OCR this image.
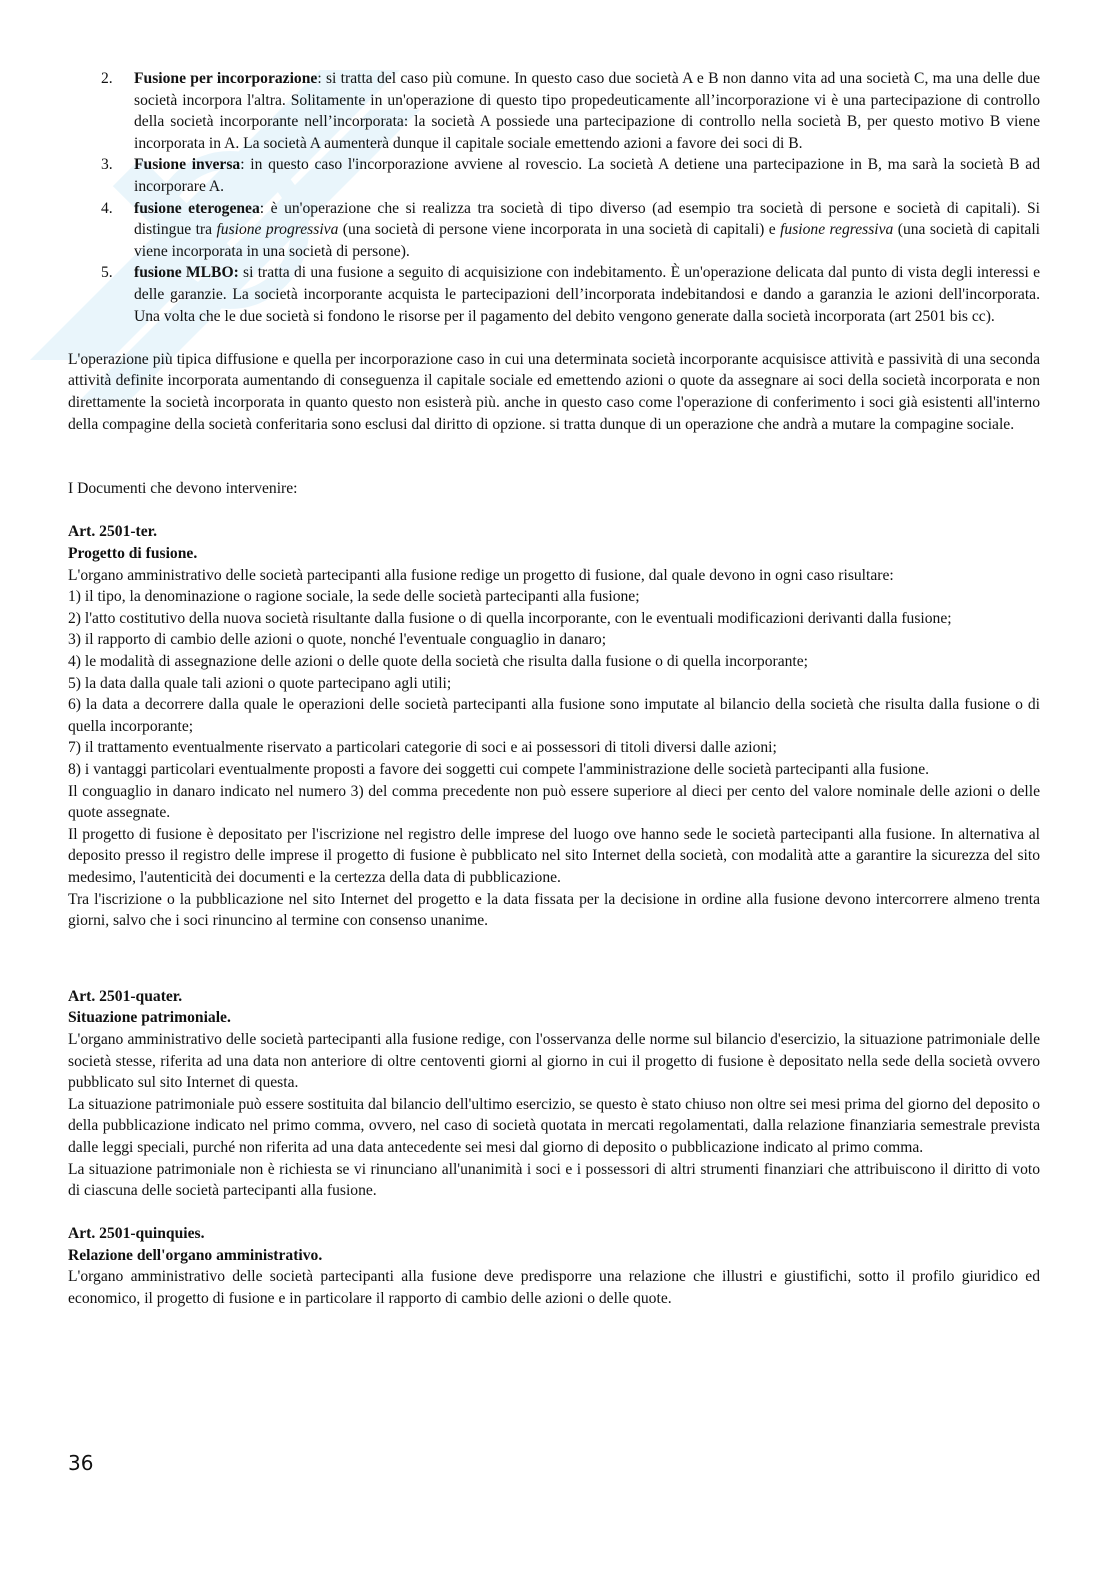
2. Fusione per incorporazione: si tratta del caso più comune. In questo caso due società A e B non danno vita ad una società C, ma una delle due società incorpora l'altra. Solitamente in un'operazione di questo tipo propedeuticamente all’incorporazione vi è una partecipazione di controllo della società incorporante nell’incorporata: la società A possiede una partecipazione di controllo nella società B, per questo motivo B viene incorporata in A. La società A aumenterà dunque il capitale sociale emettendo azioni a favore dei soci di B.
3. Fusione inversa: in questo caso l'incorporazione avviene al rovescio. La società A detiene una partecipazione in B, ma sarà la società B ad incorporare A.
4. fusione eterogenea: è un'operazione che si realizza tra società di tipo diverso (ad esempio tra società di persone e società di capitali). Si distingue tra fusione progressiva (una società di persone viene incorporata in una società di capitali) e fusione regressiva (una società di capitali viene incorporata in una società di persone).
5. fusione MLBO: si tratta di una fusione a seguito di acquisizione con indebitamento. È un'operazione delicata dal punto di vista degli interessi e delle garanzie. La società incorporante acquista le partecipazioni dell’incorporata indebitandosi e dando a garanzia le azioni dell'incorporata. Una volta che le due società si fondono le risorse per il pagamento del debito vengono generate dalla società incorporata (art 2501 bis cc).

L'operazione più tipica diffusione e quella per incorporazione caso in cui una determinata società incorporante acquisisce attività e passività di una seconda attività definite incorporata aumentando di conseguenza il capitale sociale ed emettendo azioni o quote da assegnare ai soci della società incorporata e non direttamente la società incorporata in quanto questo non esisterà più. anche in questo caso come l'operazione di conferimento i soci già esistenti all'interno della compagine della società conferitaria sono esclusi dal diritto di opzione. si tratta dunque di un operazione che andrà a mutare la compagine sociale.

I Documenti che devono intervenire:

Art. 2501-ter.

Progetto di fusione.

L'organo amministrativo delle società partecipanti alla fusione redige un progetto di fusione, dal quale devono in ogni caso risultare:

1) il tipo, la denominazione o ragione sociale, la sede delle società partecipanti alla fusione;

2) l'atto costitutivo della nuova società risultante dalla fusione o di quella incorporante, con le eventuali modificazioni derivanti dalla fusione;

3) il rapporto di cambio delle azioni o quote, nonché l'eventuale conguaglio in danaro;

4) le modalità di assegnazione delle azioni o delle quote della società che risulta dalla fusione o di quella incorporante;

5) la data dalla quale tali azioni o quote partecipano agli utili;

6) la data a decorrere dalla quale le operazioni delle società partecipanti alla fusione sono imputate al bilancio della società che risulta dalla fusione o di quella incorporante;

7) il trattamento eventualmente riservato a particolari categorie di soci e ai possessori di titoli diversi dalle azioni;

8) i vantaggi particolari eventualmente proposti a favore dei soggetti cui compete l'amministrazione delle società partecipanti alla fusione.

Il conguaglio in danaro indicato nel numero 3) del comma precedente non può essere superiore al dieci per cento del valore nominale delle azioni o delle quote assegnate.

Il progetto di fusione è depositato per l'iscrizione nel registro delle imprese del luogo ove hanno sede le società partecipanti alla fusione. In alternativa al deposito presso il registro delle imprese il progetto di fusione è pubblicato nel sito Internet della società, con modalità atte a garantire la sicurezza del sito medesimo, l'autenticità dei documenti e la certezza della data di pubblicazione.

Tra l'iscrizione o la pubblicazione nel sito Internet del progetto e la data fissata per la decisione in ordine alla fusione devono intercorrere almeno trenta giorni, salvo che i soci rinuncino al termine con consenso unanime.

Art. 2501-quater.

Situazione patrimoniale.

L'organo amministrativo delle società partecipanti alla fusione redige, con l'osservanza delle norme sul bilancio d'esercizio, la situazione patrimoniale delle società stesse, riferita ad una data non anteriore di oltre centoventi giorni al giorno in cui il progetto di fusione è depositato nella sede della società ovvero pubblicato sul sito Internet di questa.

La situazione patrimoniale può essere sostituita dal bilancio dell'ultimo esercizio, se questo è stato chiuso non oltre sei mesi prima del giorno del deposito o della pubblicazione indicato nel primo comma, ovvero, nel caso di società quotata in mercati regolamentati, dalla relazione finanziaria semestrale prevista dalle leggi speciali, purché non riferita ad una data antecedente sei mesi dal giorno di deposito o pubblicazione indicato al primo comma.

La situazione patrimoniale non è richiesta se vi rinunciano all'unanimità i soci e i possessori di altri strumenti finanziari che attribuiscono il diritto di voto di ciascuna delle società partecipanti alla fusione.

Art. 2501-quinquies.

Relazione dell'organo amministrativo.

L'organo amministrativo delle società partecipanti alla fusione deve predisporre una relazione che illustri e giustifichi, sotto il profilo giuridico ed economico, il progetto di fusione e in particolare il rapporto di cambio delle azioni o delle quote.

36
